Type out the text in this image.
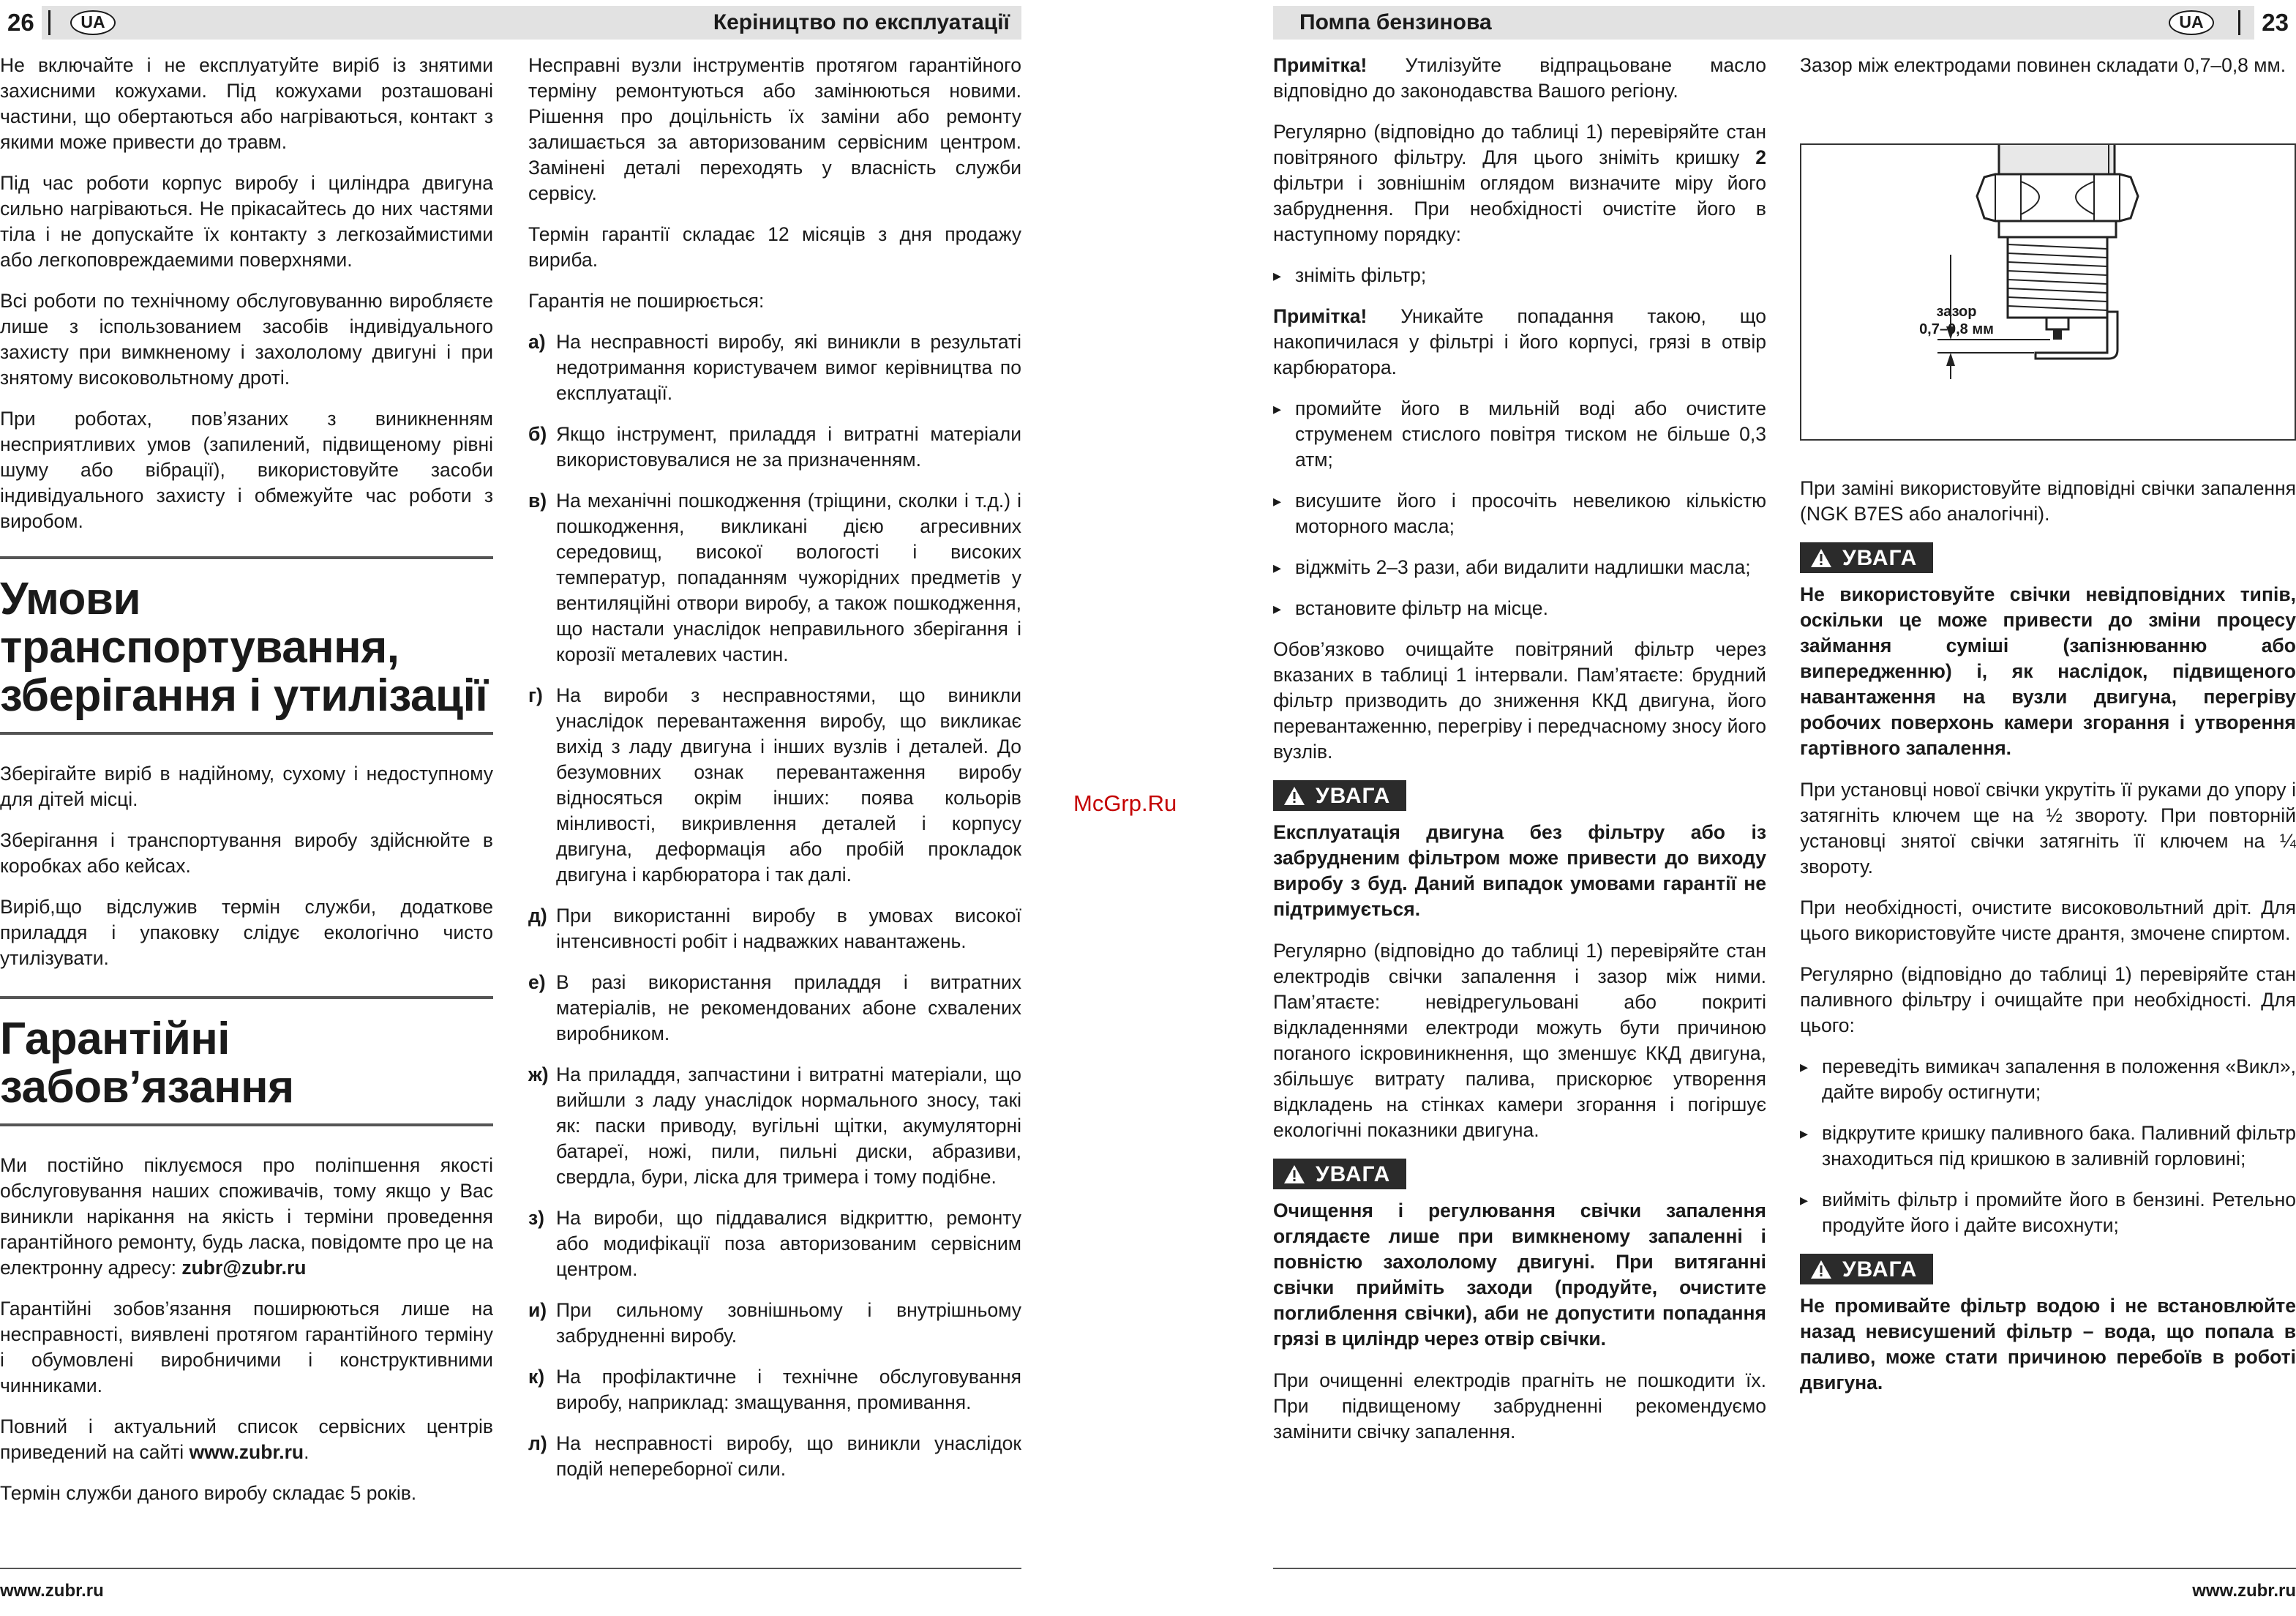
26	UA	Керіництво по експлуатації

Не включайте і не експлуатуйте виріб із знятими захисними кожухами. Під кожухами розташовані частини, що обертаються або нагріваються, контакт з якими може привести до травм.

Під час роботи корпус виробу і циліндра двигуна сильно нагріваються. Не прікасайтесь до них частями тіла і не допускайте їх контакту з легкозаймистими або легкоповреждаемими поверхнями.

Всі роботи по технічному обслуговуванню виробляєте лише з іспользованием засобів індивідуального захисту при вимкненому і захололому двигуні і при знятому високовольтному дроті.

При роботах, пов’язаних з виникненням несприятливих умов (запилений, підвищеному рівні шуму або вібрації), використовуйте засоби індивідуального захисту і обмежуйте час роботи з виробом.

Умови транспортування, зберігання і утилізації

Зберігайте виріб в надійному, сухому і недоступному для дітей місці.

Зберігання і транспортування виробу здійснюйте в коробках або кейсах.

Виріб,що відслужив термін служби, додаткове приладдя і упаковку слідує екологічно чисто утилізувати.

Гарантійні забов’язання

Ми постійно піклуємося про поліпшення якості обслуговування наших споживачів, тому якщо у Вас виникли нарікання на якість і терміни проведення гарантійного ремонту, будь ласка, повідомте про це на електронну адресу: zubr@zubr.ru

Гарантійні зобов’язання поширюються лише на несправності, виявлені протягом гарантійного терміну і обумовлені виробничими і конструктивними чинниками.

Повний і актуальний список сервісних центрів приведений на сайті www.zubr.ru.

Термін служби даного виробу складає 5 років.

Несправні вузли інструментів протягом гарантійного терміну ремонтуються або замінюються новими. Рішення про доцільність їх заміни або ремонту залишається за авторизованим сервісним центром. Замінені деталі переходять у власність служби сервісу.

Термін гарантії складає 12 місяців з дня продажу вириба.

Гарантія не поширюється:

а) На несправності виробу, які виникли в результаті недотримання користувачем вимог керівництва по експлуатації.
б) Якщо інструмент, приладдя і витратні матеріали використовувалися не за призначенням.
в) На механічні пошкодження (тріщини, сколки і т.д.) і пошкодження, викликані дією агресивних середовищ, високої вологості і високих температур, попаданням чужорідних предметів у вентиляційні отвори виробу, а також пошкодження, що настали унаслідок неправильного зберігання і корозії металевих частин.
г) На вироби з несправностями, що виникли унаслідок перевантаження виробу, що викликає вихід з ладу двигуна і інших вузлів і деталей. До безумовних ознак перевантаження виробу відносяться окрім інших: поява кольорів мінливості, викривлення деталей і корпусу двигуна, деформація або пробій прокладок двигуна і карбюратора і так далі.
д) При використанні виробу в умовах високої інтенсивності робіт і надважких навантажень.
е) В разі використання приладдя і витратних матеріалів, не рекомендованих абоне схвалених виробником.
ж) На приладдя, запчастини і витратні матеріали, що вийшли з ладу унаслідок нормального зносу, такі як: паски приводу, вугільні щітки, акумуляторні батареї, ножі, пили, пильні диски, абразиви, свердла, бури, ліска для тримера і тому подібне.
з) На вироби, що піддавалися відкриттю, ремонту або модифікації поза авторизованим сервісним центром.
и) При сильному зовнішньому і внутрішньому забрудненні виробу.
к) На профілактичне і технічне обслуговування виробу, наприклад: змащування, промивання.
л) На несправності виробу, що виникли унаслідок подій непереборної сили.
www.zubr.ru
McGrp.Ru
Помпа бензинова	UA	23

Примітка! Утилізуйте відпрацьоване масло відповідно до законодавства Вашого регіону.

Регулярно (відповідно до таблиці 1) перевіряйте стан повітряного фільтру. Для цього зніміть кришку 2 фільтри і зовнішнім оглядом визначите міру його забруднення. При необхідності очистіте його в наступному порядку:

▸ зніміть фільтр;

Примітка! Уникайте попадання такою, що накопичилася у фільтрі і його корпусі, грязі в отвір карбюратора.

▸ промийте його в мильній воді або очистите струменем стислого повітря тиском не більше 0,3 атм;
▸ висушите його і просочіть невеликою кількістю моторного масла;
▸ віджміть 2–3 рази, аби видалити надлишки масла;
▸ встановите фільтр на місце.

Обов’язково очищайте повітряний фільтр через вказаних в таблиці 1 інтервали. Пам’ятаєте: брудний фільтр призводить до зниження ККД двигуна, його перевантаженню, перегріву і передчасному зносу його вузлів.

УВАГА
Експлуатація двигуна без фільтру або із забрудненим фільтром може привести до виходу виробу з буд. Даний випадок умовами гарантії не підтримується.

Регулярно (відповідно до таблиці 1) перевіряйте стан електродів свічки запалення і зазор між ними. Пам’ятаєте: невідрегульовані або покриті відкладеннями електроди можуть бути причиною поганого іскровиникнення, що зменшує ККД двигуна, збільшує витрату палива, прискорює утворення відкладень на стінках камери згорання і погіршує екологічні показники двигуна.

УВАГА
Очищення і регулювання свічки запалення оглядаєте лише при вимкненому запаленні і повністю захололому двигуні. При витяганні свічки прийміть заходи (продуйте, очистите поглиблення свічки), аби не допустити попадання грязі в циліндр через отвір свічки.

При очищенні електродів прагніть не пошкодити їх. При підвищеному забрудненні рекомендуємо замінити свічку запалення.

Зазор між електродами повинен складати 0,7–0,8 мм.

зазор
0,7–0,8 мм

При заміні використовуйте відповідні свічки запалення (NGK B7ES або аналогічні).

УВАГА
Не використовуйте свічки невідповідних типів, оскільки це може привести до зміни процесу займання суміші (запізнюванню або випередженню) і, як наслідок, підвищеного навантаження на вузли двигуна, перегріву робочих поверхонь камери згорання і утворення гартівного запалення.

При установці нової свічки укрутіть її руками до упору і затягніть ключем ще на ½ звороту. При повторній установці знятої свічки затягніть її ключем на ¼ звороту.

При необхідності, очистите високовольтний дріт. Для цього використовуйте чисте дрантя, змочене спиртом.

Регулярно (відповідно до таблиці 1) перевіряйте стан паливного фільтру і очищайте при необхідності. Для цього:

▸ переведіть вимикач запалення в положення «Викл», дайте виробу остигнути;
▸ відкрутите кришку паливного бака. Паливний фільтр знаходиться під кришкою в заливній горловині;
▸ вийміть фільтр і промийте його в бензині. Ретельно продуйте його і дайте висохнути;
УВАГА
Не промивайте фільтр водою і не встановлюйте назад невисушений фільтр – вода, що попала в паливо, може стати причиною перебоїв в роботі двигуна.
www.zubr.ru
